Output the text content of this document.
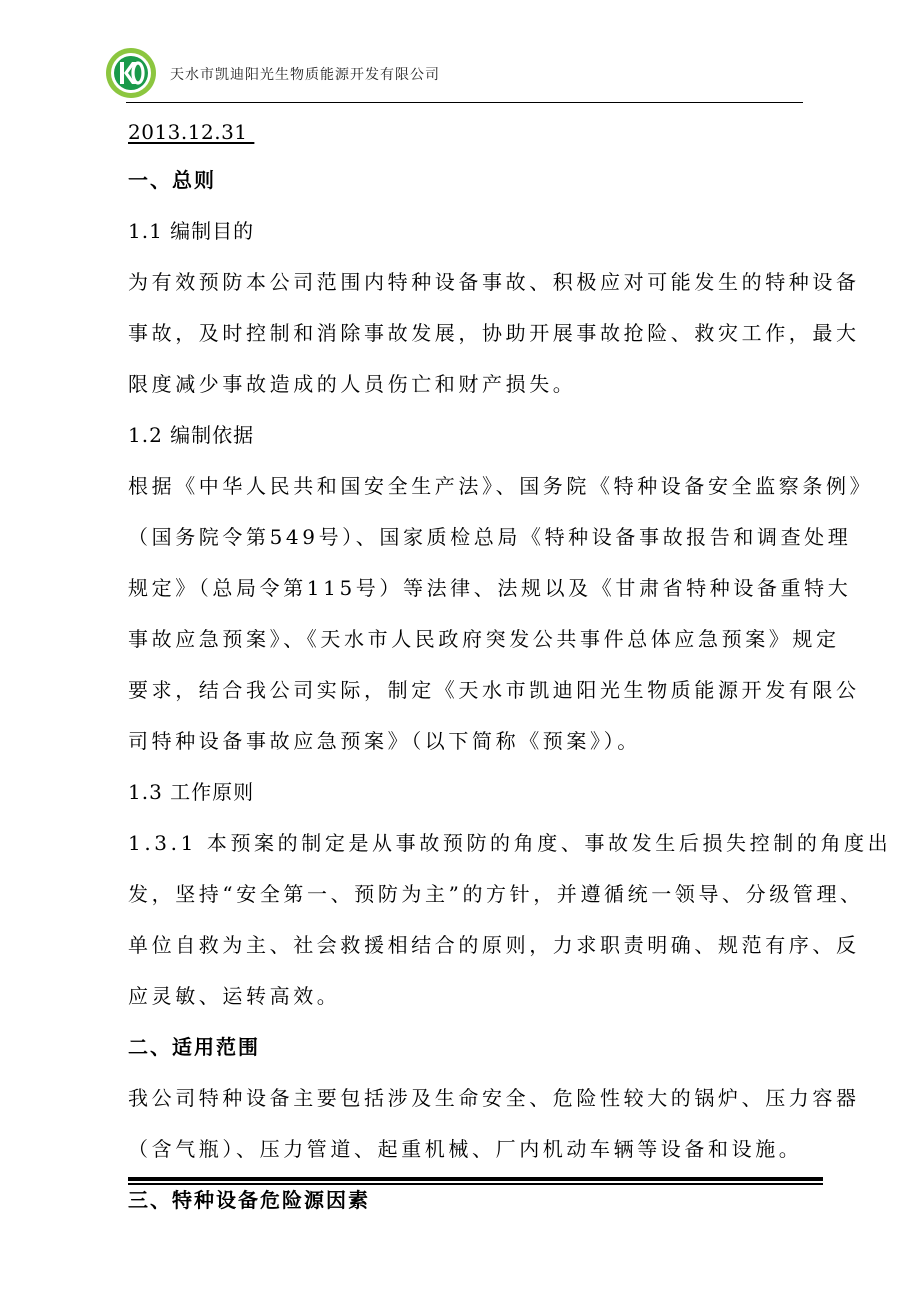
天水市凯迪阳光生物质能源开发有限公司
2013.12.31
一、总则
1.1 编制目的
为有效预防本公司范围内特种设备事故、积极应对可能发生的特种设备
事故，及时控制和消除事故发展，协助开展事故抢险、救灾工作，最大
限度减少事故造成的人员伤亡和财产损失。
1.2 编制依据
根据《中华人民共和国安全生产法》、国务院《特种设备安全监察条例》
（国务院令第549号）、国家质检总局《特种设备事故报告和调查处理
规定》（总局令第115号）等法律、法规以及《甘肃省特种设备重特大
事故应急预案》、《天水市人民政府突发公共事件总体应急预案》规定
要求，结合我公司实际，制定《天水市凯迪阳光生物质能源开发有限公
司特种设备事故应急预案》（以下简称《预案》）。
1.3 工作原则
1.3.1 本预案的制定是从事故预防的角度、事故发生后损失控制的角度出
发，坚持“安全第一、预防为主”的方针，并遵循统一领导、分级管理、
单位自救为主、社会救援相结合的原则，力求职责明确、规范有序、反
应灵敏、运转高效。
二、适用范围
我公司特种设备主要包括涉及生命安全、危险性较大的锅炉、压力容器
（含气瓶）、压力管道、起重机械、厂内机动车辆等设备和设施。
三、特种设备危险源因素
